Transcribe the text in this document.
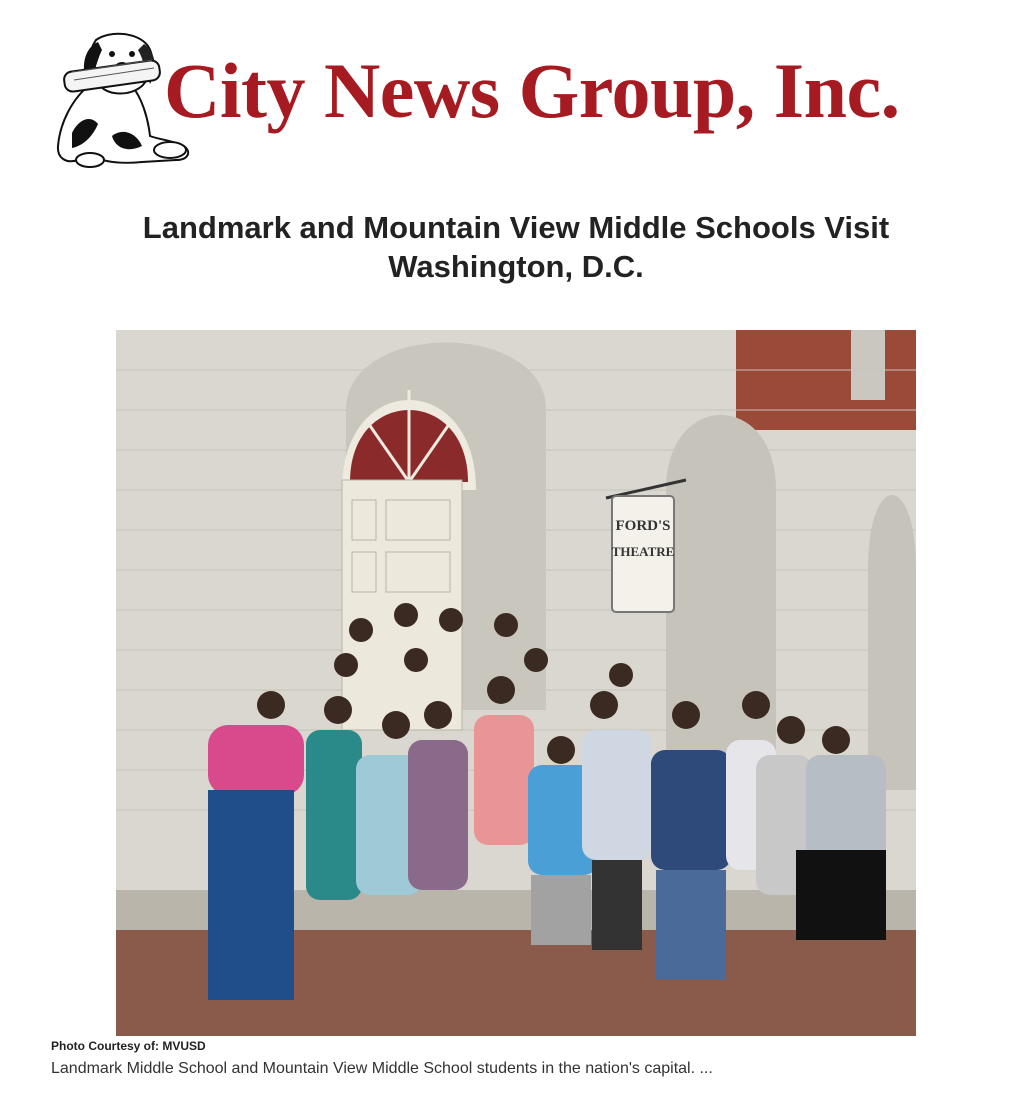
City News Group, Inc.
Landmark and Mountain View Middle Schools Visit Washington, D.C.
FORD'S
THEATRE
Photo Courtesy of: MVUSD
Landmark Middle School and Mountain View Middle School students in the nation's capital. ...
